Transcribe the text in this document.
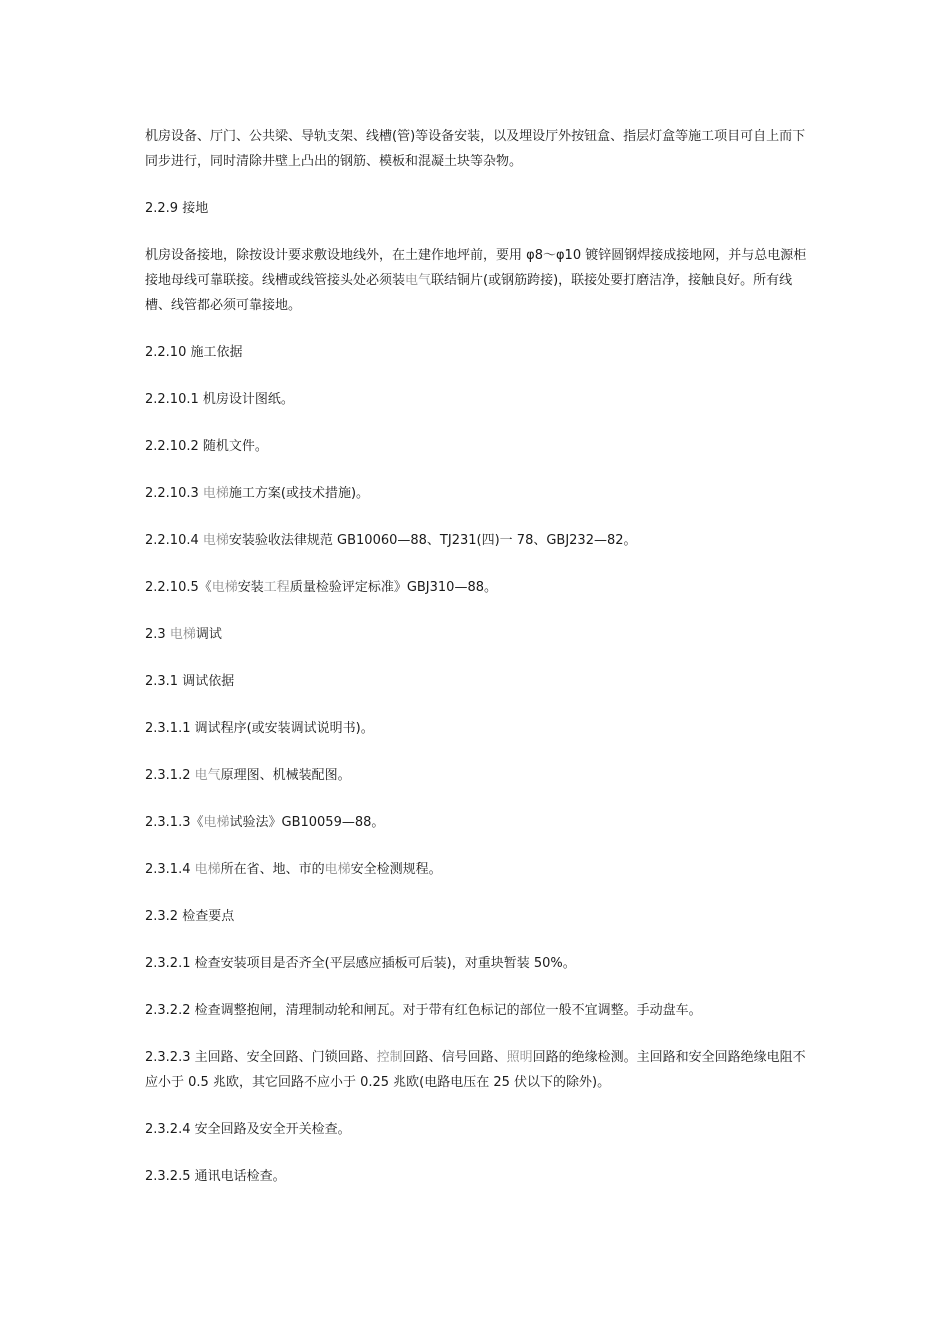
机房设备、厅门、公共梁、导轨支架、线槽(管)等设备安装，以及埋设厅外按钮盒、指层灯盒等施工项目可自上而下同步进行，同时清除井壁上凸出的钢筋、模板和混凝土块等杂物。

2.2.9 接地

机房设备接地，除按设计要求敷设地线外，在土建作地坪前，要用 φ8～φ10 镀锌圆钢焊接成接地网，并与总电源柜接地母线可靠联接。线槽或线管接头处必须装电气联结铜片(或钢筋跨接)，联接处要打磨洁净，接触良好。所有线槽、线管都必须可靠接地。

2.2.10 施工依据

2.2.10.1 机房设计图纸。

2.2.10.2 随机文件。

2.2.10.3 电梯施工方案(或技术措施)。

2.2.10.4 电梯安装验收法律规范 GB10060—88、TJ231(四)一 78、GBJ232—82。

2.2.10.5《电梯安装工程质量检验评定标准》GBJ310—88。

2.3 电梯调试

2.3.1 调试依据

2.3.1.1 调试程序(或安装调试说明书)。

2.3.1.2 电气原理图、机械装配图。

2.3.1.3《电梯试验法》GB10059—88。

2.3.1.4 电梯所在省、地、市的电梯安全检测规程。

2.3.2 检查要点

2.3.2.1 检查安装项目是否齐全(平层感应插板可后装)，对重块暂装 50%。

2.3.2.2 检查调整抱闸，清理制动轮和闸瓦。对于带有红色标记的部位一般不宜调整。手动盘车。

2.3.2.3 主回路、安全回路、门锁回路、控制回路、信号回路、照明回路的绝缘检测。主回路和安全回路绝缘电阻不应小于 0.5 兆欧，其它回路不应小于 0.25 兆欧(电路电压在 25 伏以下的除外)。

2.3.2.4 安全回路及安全开关检查。

2.3.2.5 通讯电话检查。
